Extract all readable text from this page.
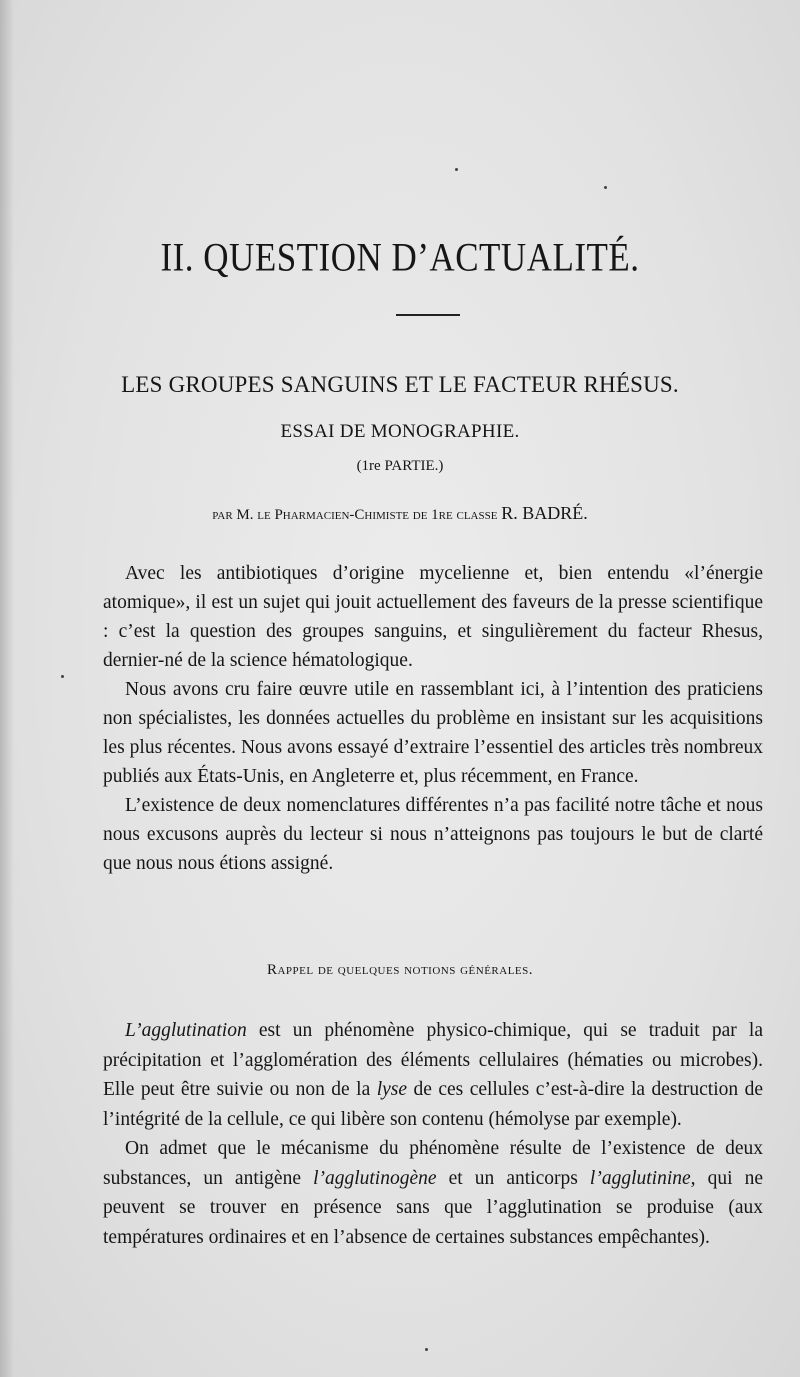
II. QUESTION D’ACTUALITÉ.
LES GROUPES SANGUINS ET LE FACTEUR RHÉSUS.
ESSAI DE MONOGRAPHIE.
(1re PARTIE.)
par M. le Pharmacien-Chimiste de 1re classe R. BADRÉ.

Avec les antibiotiques d’origine mycelienne et, bien entendu «l’énergie atomique», il est un sujet qui jouit actuellement des faveurs de la presse scientifique : c’est la question des groupes sanguins, et singulièrement du facteur Rhesus, dernier-né de la science hématologique.

Nous avons cru faire œuvre utile en rassemblant ici, à l’intention des praticiens non spécialistes, les données actuelles du problème en insistant sur les acquisitions les plus récentes. Nous avons essayé d’extraire l’essentiel des articles très nombreux publiés aux États-Unis, en Angleterre et, plus récemment, en France.

L’existence de deux nomenclatures différentes n’a pas facilité notre tâche et nous nous excusons auprès du lecteur si nous n’atteignons pas toujours le but de clarté que nous nous étions assigné.

Rappel de quelques notions générales.

L’agglutination est un phénomène physico-chimique, qui se traduit par la précipitation et l’agglomération des éléments cellulaires (hématies ou microbes). Elle peut être suivie ou non de la lyse de ces cellules c’est-à-dire la destruction de l’intégrité de la cellule, ce qui libère son contenu (hémolyse par exemple).

On admet que le mécanisme du phénomène résulte de l’existence de deux substances, un antigène l’agglutinogène et un anticorps l’agglutinine, qui ne peuvent se trouver en présence sans que l’agglutination se produise (aux températures ordinaires et en l’absence de certaines substances empêchantes).
